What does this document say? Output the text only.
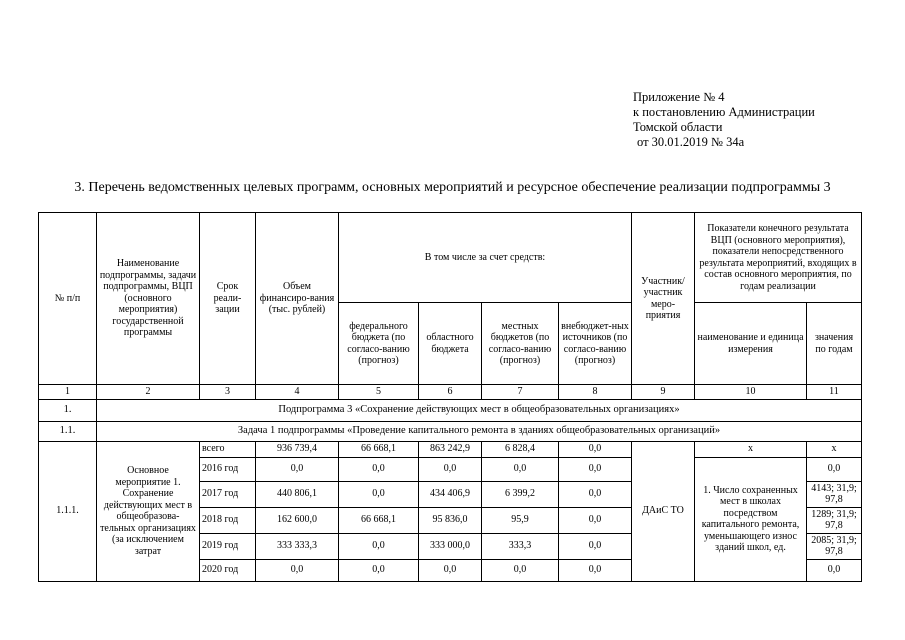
Приложение № 4
к постановлению Администрации
Томской области
от 30.01.2019 № 34а
3. Перечень ведомственных целевых программ, основных мероприятий и ресурсное обеспечение реализации подпрограммы 3
№ п/п	Наименование подпрограммы, задачи подпрограммы, ВЦП (основного мероприятия) государственной программы	Срок реали-зации	Объем финансиро-вания (тыс. рублей)	В том числе за счет средств:				Участник/ участник меро-приятия	Показатели конечного результата ВЦП (основного мероприятия), показатели непосредственного результата мероприятий, входящих в состав основного мероприятия, по годам реализации	
				федерального бюджета (по согласо-ванию (прогноз)	областного бюджета	местных бюджетов (по согласо-ванию (прогноз)	внебюджет-ных источников (по согласо-ванию (прогноз)		наименование и единица измерения	значения по годам
1	2	3	4	5	6	7	8	9	10	11
1.	Подпрограмма 3 «Сохранение действующих мест в общеобразовательных организациях»									
1.1.	Задача 1 подпрограммы «Проведение капитального ремонта в зданиях общеобразовательных организаций»									
1.1.1.	Основное мероприятие 1. Сохранение действующих мест в общеобразова-тельных организациях (за исключением затрат	всего	936 739,4	66 668,1	863 242,9	6 828,4	0,0	ДАиС ТО	х	х
		2016 год	0,0	0,0	0,0	0,0	0,0		1. Число сохраненных мест в школах посредством капитального ремонта, уменьшающего износ зданий школ, ед.	0,0
		2017 год	440 806,1	0,0	434 406,9	6 399,2	0,0			4143; 31,9; 97,8
		2018 год	162 600,0	66 668,1	95 836,0	95,9	0,0			1289; 31,9; 97,8
		2019 год	333 333,3	0,0	333 000,0	333,3	0,0			2085; 31,9; 97,8
		2020 год	0,0	0,0	0,0	0,0	0,0			0,0
